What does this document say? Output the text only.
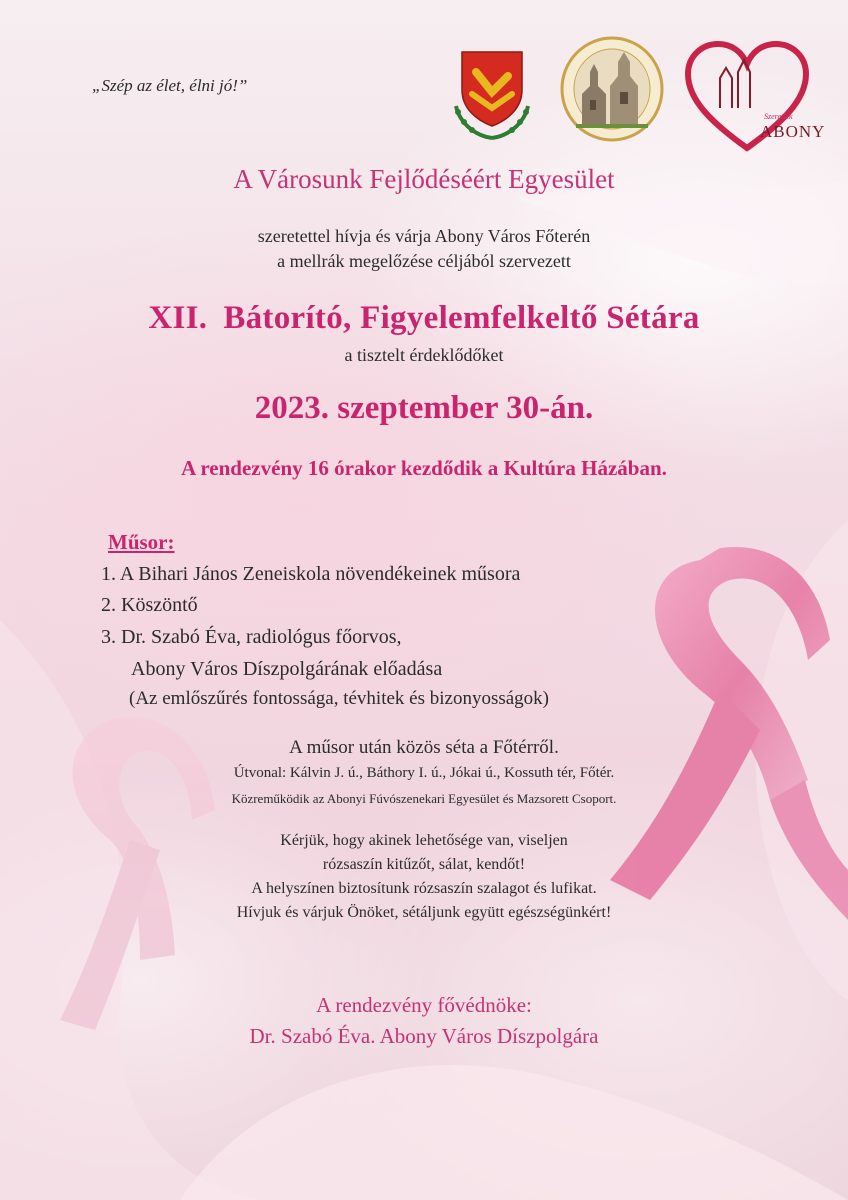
„Szép az élet, élni jó!”
Szeretlek
ABONY
A Városunk Fejlődéséért Egyesület
szeretettel hívja és várja Abony Város Főterén
a mellrák megelőzése céljából szervezett
XII. Bátorító, Figyelemfelkeltő Sétára
a tisztelt érdeklődőket
2023. szeptember 30-án.
A rendezvény 16 órakor kezdődik a Kultúra Házában.
Műsor:
1. A Bihari János Zeneiskola növendékeinek műsora
2. Köszöntő
3. Dr. Szabó Éva, radiológus főorvos,
Abony Város Díszpolgárának előadása
(Az emlőszűrés fontossága, tévhitek és bizonyosságok)
A műsor után közös séta a Főtérről.
Útvonal: Kálvin J. ú., Báthory I. ú., Jókai ú., Kossuth tér, Főtér.
Közreműködik az Abonyi Fúvószenekari Egyesület és Mazsorett Csoport.
Kérjük, hogy akinek lehetősége van, viseljen
rózsaszín kitűzőt, sálat, kendőt!
A helyszínen biztosítunk rózsaszín szalagot és lufikat.
Hívjuk és várjuk Önöket, sétáljunk együtt egészségünkért!
A rendezvény fővédnöke:
Dr. Szabó Éva. Abony Város Díszpolgára
